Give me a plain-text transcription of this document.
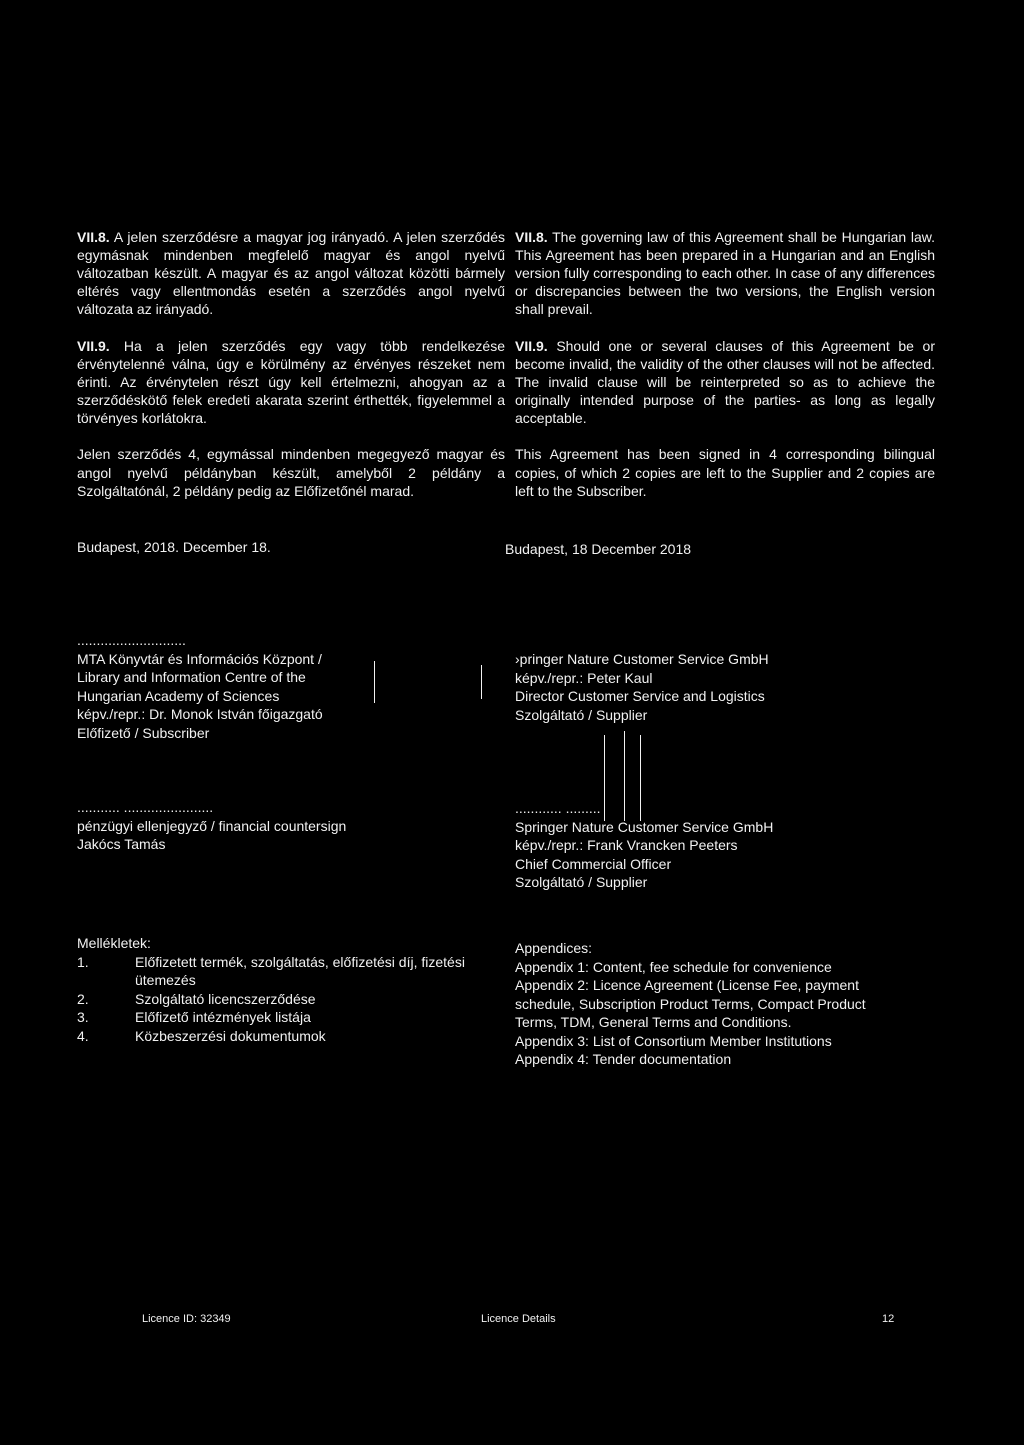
VII.8. A jelen szerződésre a magyar jog irányadó. A jelen szerződés egymásnak mindenben megfelelő magyar és angol nyelvű változatban készült. A magyar és az angol változat közötti bármely eltérés vagy ellentmondás esetén a szerződés angol nyelvű változata az irányadó.
VII.8. The governing law of this Agreement shall be Hungarian law. This Agreement has been prepared in a Hungarian and an English version fully corresponding to each other. In case of any differences or discrepancies between the two versions, the English version shall prevail.
VII.9. Ha a jelen szerződés egy vagy több rendelkezése érvénytelenné válna, úgy e körülmény az érvényes részeket nem érinti. Az érvénytelen részt úgy kell értelmezni, ahogyan az a szerződéskötő felek eredeti akarata szerint érthették, figyelemmel a törvényes korlátokra.
VII.9. Should one or several clauses of this Agreement be or become invalid, the validity of the other clauses will not be affected. The invalid clause will be reinterpreted so as to achieve the originally intended purpose of the parties- as long as legally acceptable.
Jelen szerződés 4, egymással mindenben megegyező magyar és angol nyelvű példányban készült, amelyből 2 példány a Szolgáltatónál, 2 példány pedig az Előfizetőnél marad.
This Agreement has been signed in 4 corresponding bilingual copies, of which 2 copies are left to the Supplier and 2 copies are left to the Subscriber.
Budapest, 2018. December 18.	Budapest, 18 December 2018
............................
MTA Könyvtár és Információs Központ /
Library and Information Centre of the
Hungarian Academy of Sciences
képv./repr.: Dr. Monok István főigazgató
Előfizető / Subscriber
›pringer Nature Customer Service GmbH
képv./repr.: Peter Kaul
Director Customer Service and Logistics
Szolgáltató / Supplier
........... .......................
pénzügyi ellenjegyző / financial countersign
Jakócs Tamás
............ .........
Springer Nature Customer Service GmbH
képv./repr.: Frank Vrancken Peeters
Chief Commercial Officer
Szolgáltató / Supplier
Mellékletek:
1.	Előfizetett termék, szolgáltatás, előfizetési díj, fizetési ütemezés
2.	Szolgáltató licencszerződése
3.	Előfizető intézmények listája
4.	Közbeszerzési dokumentumok
Appendices:
Appendix 1: Content, fee schedule for convenience
Appendix 2: Licence Agreement (License Fee, payment schedule, Subscription Product Terms, Compact Product Terms, TDM, General Terms and Conditions.
Appendix 3: List of Consortium Member Institutions
Appendix 4: Tender documentation
Licence ID: 32349	Licence Details	12
